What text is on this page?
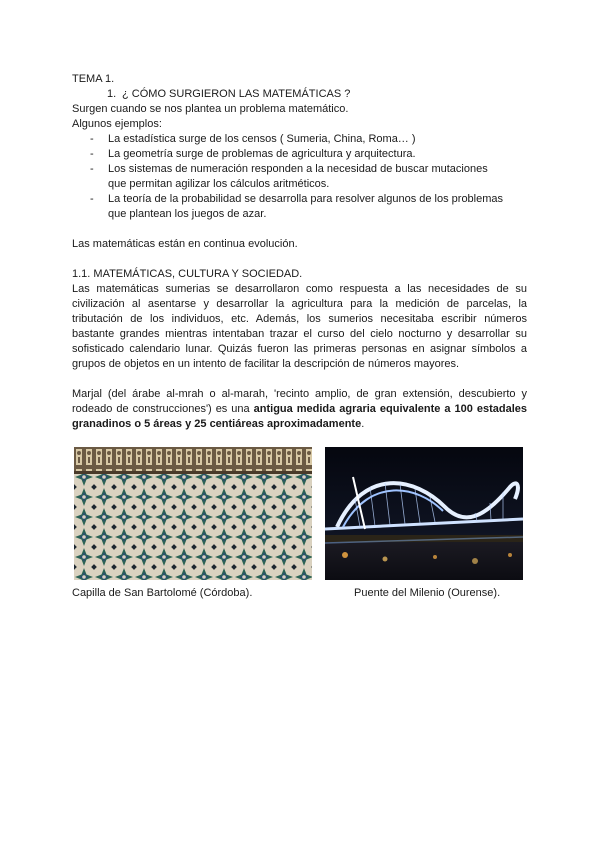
TEMA 1.

1. ¿ CÓMO SURGIERON LAS MATEMÁTICAS ?

Surgen cuando se nos plantea un problema matemático.

Algunos ejemplos:

-	La estadística surge de los censos ( Sumeria, China, Roma… )
-	La geometría surge de problemas de agricultura y arquitectura.
-	Los sistemas de numeración responden a la necesidad de buscar mutaciones que permitan agilizar los cálculos aritméticos.
-	La teoría de la probabilidad se desarrolla para resolver algunos de los problemas que plantean los juegos de azar.

Las matemáticas están en continua evolución.

1.1. MATEMÁTICAS, CULTURA Y SOCIEDAD.

Las matemáticas sumerias se desarrollaron como respuesta a las necesidades de su civilización al asentarse y desarrollar la agricultura para la medición de parcelas, la tributación de los individuos, etc. Además, los sumerios necesitaba escribir números bastante grandes mientras intentaban trazar el curso del cielo nocturno y desarrollar su sofisticado calendario lunar. Quizás fueron las primeras personas en asignar símbolos a grupos de objetos en un intento de facilitar la descripción de números mayores.

Marjal (del árabe al-mrah o al-marah, 'recinto amplio, de gran extensión, descubierto y rodeado de construcciones') es una antigua medida agraria equivalente a 100 estadales granadinos o 5 áreas y 25 centiáreas aproximadamente.

Capilla de San Bartolomé (Córdoba).	Puente del Milenio (Ourense).
